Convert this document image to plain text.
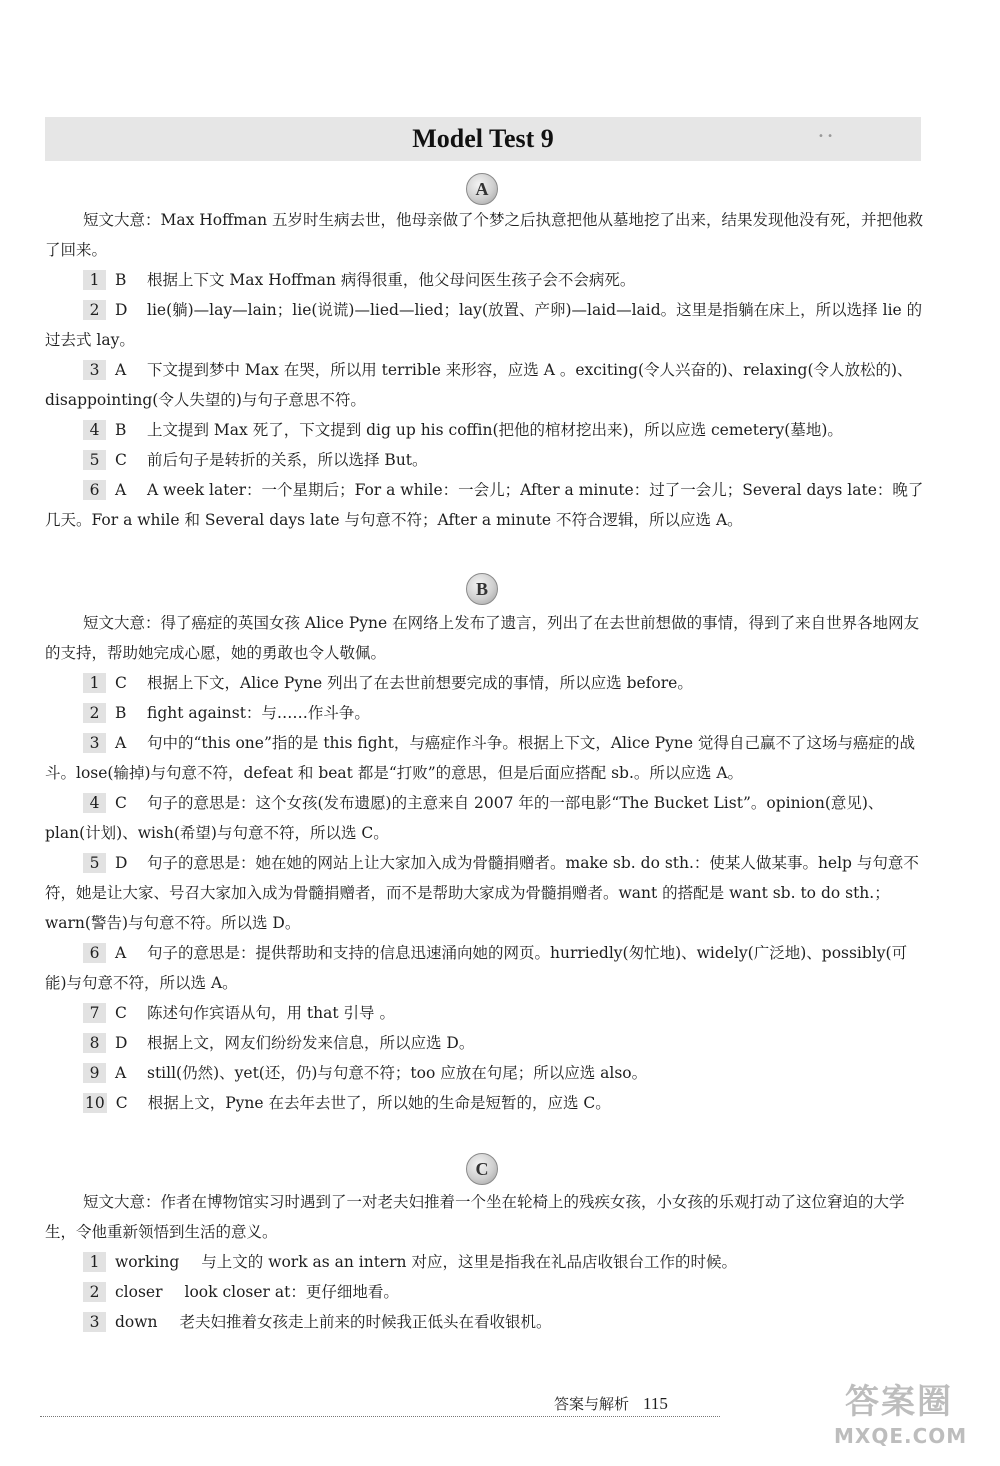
Model Test 9	• •
A

短文大意：Max Hoffman 五岁时生病去世，他母亲做了个梦之后执意把他从墓地挖了出来，结果发现他没有死，并把他救了回来。

1 B 根据上下文 Max Hoffman 病得很重，他父母问医生孩子会不会病死。

2 D lie(躺)—lay—lain；lie(说谎)—lied—lied；lay(放置、产卵)—laid—laid。这里是指躺在床上，所以选择 lie 的过去式 lay。

3 A 下文提到梦中 Max 在哭，所以用 terrible 来形容，应选 A 。exciting(令人兴奋的)、relaxing(令人放松的)、disappointing(令人失望的)与句子意思不符。

4 B 上文提到 Max 死了，下文提到 dig up his coffin(把他的棺材挖出来)，所以应选 cemetery(墓地)。

5 C 前后句子是转折的关系，所以选择 But。

6 A A week later：一个星期后；For a while：一会儿；After a minute：过了一会儿；Several days late：晚了几天。For a while 和 Several days late 与句意不符；After a minute 不符合逻辑，所以应选 A。

B

短文大意：得了癌症的英国女孩 Alice Pyne 在网络上发布了遗言，列出了在去世前想做的事情，得到了来自世界各地网友的支持，帮助她完成心愿，她的勇敢也令人敬佩。

1 C 根据上下文，Alice Pyne 列出了在去世前想要完成的事情，所以应选 before。

2 B fight against：与……作斗争。

3 A 句中的“this one”指的是 this fight，与癌症作斗争。根据上下文，Alice Pyne 觉得自己赢不了这场与癌症的战斗。lose(输掉)与句意不符，defeat 和 beat 都是“打败”的意思，但是后面应搭配 sb.。所以应选 A。

4 C 句子的意思是：这个女孩(发布遗愿)的主意来自 2007 年的一部电影“The Bucket List”。opinion(意见)、plan(计划)、wish(希望)与句意不符，所以选 C。

5 D 句子的意思是：她在她的网站上让大家加入成为骨髓捐赠者。make sb. do sth.：使某人做某事。help 与句意不符，她是让大家、号召大家加入成为骨髓捐赠者，而不是帮助大家成为骨髓捐赠者。want 的搭配是 want sb. to do sth.；warn(警告)与句意不符。所以选 D。

6 A 句子的意思是：提供帮助和支持的信息迅速涌向她的网页。hurriedly(匆忙地)、widely(广泛地)、possibly(可能)与句意不符，所以选 A。

7 C 陈述句作宾语从句，用 that 引导 。

8 D 根据上文，网友们纷纷发来信息，所以应选 D。

9 A still(仍然)、yet(还，仍)与句意不符；too 应放在句尾；所以应选 also。

10 C 根据上文，Pyne 在去年去世了，所以她的生命是短暂的，应选 C。

C

短文大意：作者在博物馆实习时遇到了一对老夫妇推着一个坐在轮椅上的残疾女孩，小女孩的乐观打动了这位窘迫的大学生，令他重新领悟到生活的意义。

1 working 与上文的 work as an intern 对应，这里是指我在礼品店收银台工作的时候。

2 closer look closer at：更仔细地看。

3 down 老夫妇推着女孩走上前来的时候我正低头在看收银机。

答案与解析 115	答案圈
MXQE.COM
